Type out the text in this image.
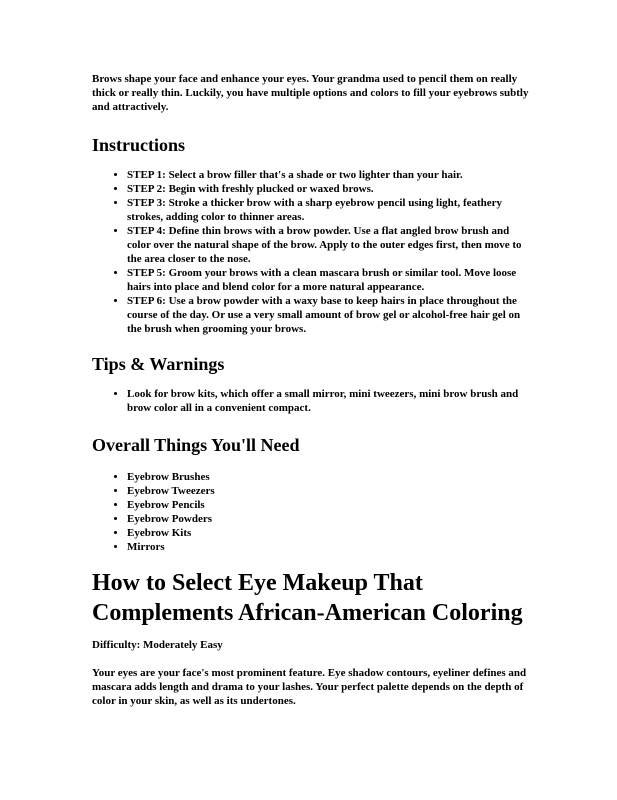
Brows shape your face and enhance your eyes. Your grandma used to pencil them on really thick or really thin. Luckily, you have multiple options and colors to fill your eyebrows subtly and attractively.

Instructions
• STEP 1: Select a brow filler that's a shade or two lighter than your hair.
• STEP 2: Begin with freshly plucked or waxed brows.
• STEP 3: Stroke a thicker brow with a sharp eyebrow pencil using light, feathery strokes, adding color to thinner areas.
• STEP 4: Define thin brows with a brow powder. Use a flat angled brow brush and color over the natural shape of the brow. Apply to the outer edges first, then move to the area closer to the nose.
• STEP 5: Groom your brows with a clean mascara brush or similar tool. Move loose hairs into place and blend color for a more natural appearance.
• STEP 6: Use a brow powder with a waxy base to keep hairs in place throughout the course of the day. Or use a very small amount of brow gel or alcohol-free hair gel on the brush when grooming your brows.
Tips & Warnings
• Look for brow kits, which offer a small mirror, mini tweezers, mini brow brush and brow color all in a convenient compact.
Overall Things You'll Need
• Eyebrow Brushes
• Eyebrow Tweezers
• Eyebrow Pencils
• Eyebrow Powders
• Eyebrow Kits
• Mirrors
How to Select Eye Makeup That Complements African-American Coloring

Difficulty: Moderately Easy

Your eyes are your face's most prominent feature. Eye shadow contours, eyeliner defines and mascara adds length and drama to your lashes. Your perfect palette depends on the depth of color in your skin, as well as its undertones.
